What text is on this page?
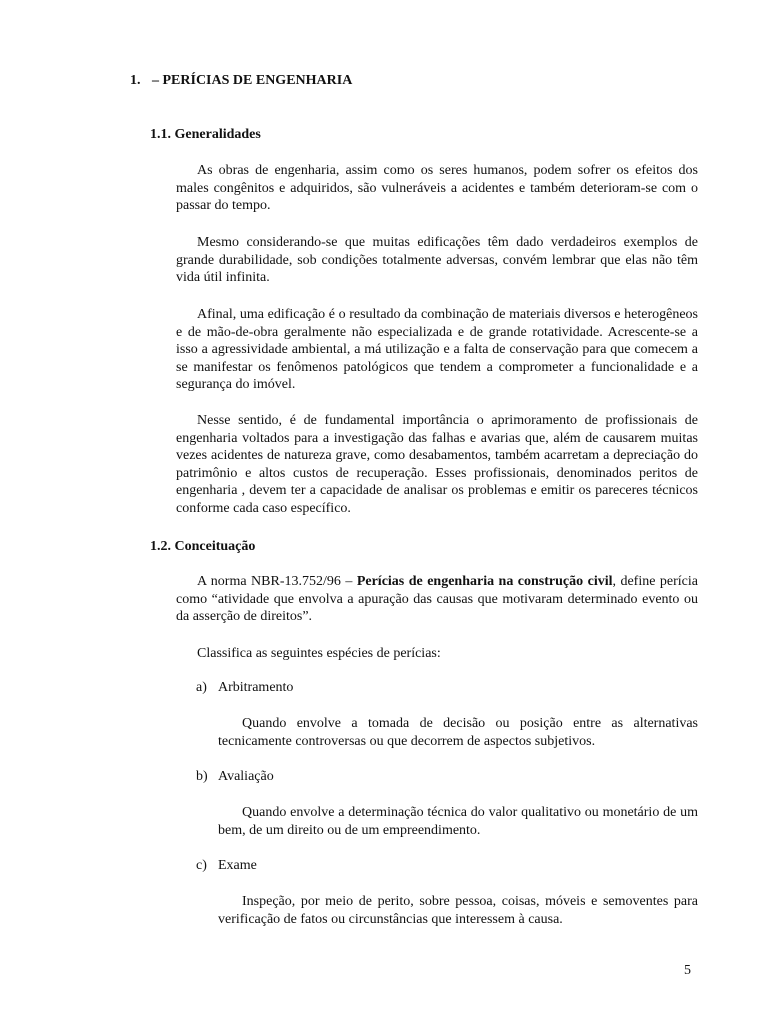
1. – PERÍCIAS DE ENGENHARIA
1.1. Generalidades

As obras de engenharia, assim como os seres humanos, podem sofrer os efeitos dos males congênitos e adquiridos, são vulneráveis a acidentes e também deterioram-se com o passar do tempo.

Mesmo considerando-se que muitas edificações têm dado verdadeiros exemplos de grande durabilidade, sob condições totalmente adversas, convém lembrar que elas não têm vida útil infinita.

Afinal, uma edificação é o resultado da combinação de materiais diversos e heterogêneos e de mão-de-obra geralmente não especializada e de grande rotatividade. Acrescente-se a isso a agressividade ambiental, a má utilização e a falta de conservação para que comecem a se manifestar os fenômenos patológicos que tendem a comprometer a funcionalidade e a segurança do imóvel.

Nesse sentido, é de fundamental importância o aprimoramento de profissionais de engenharia voltados para a investigação das falhas e avarias que, além de causarem muitas vezes acidentes de natureza grave, como desabamentos, também acarretam a depreciação do patrimônio e altos custos de recuperação. Esses profissionais, denominados peritos de engenharia , devem ter a capacidade de analisar os problemas e emitir os pareceres técnicos conforme cada caso específico.

1.2. Conceituação

A norma NBR-13.752/96 – Perícias de engenharia na construção civil, define perícia como “atividade que envolva a apuração das causas que motivaram determinado evento ou da asserção de direitos”.

Classifica as seguintes espécies de perícias:

a) Arbitramento

Quando envolve a tomada de decisão ou posição entre as alternativas tecnicamente controversas ou que decorrem de aspectos subjetivos.

b) Avaliação

Quando envolve a determinação técnica do valor qualitativo ou monetário de um bem, de um direito ou de um empreendimento.

c) Exame

Inspeção, por meio de perito, sobre pessoa, coisas, móveis e semoventes para verificação de fatos ou circunstâncias que interessem à causa.

5
